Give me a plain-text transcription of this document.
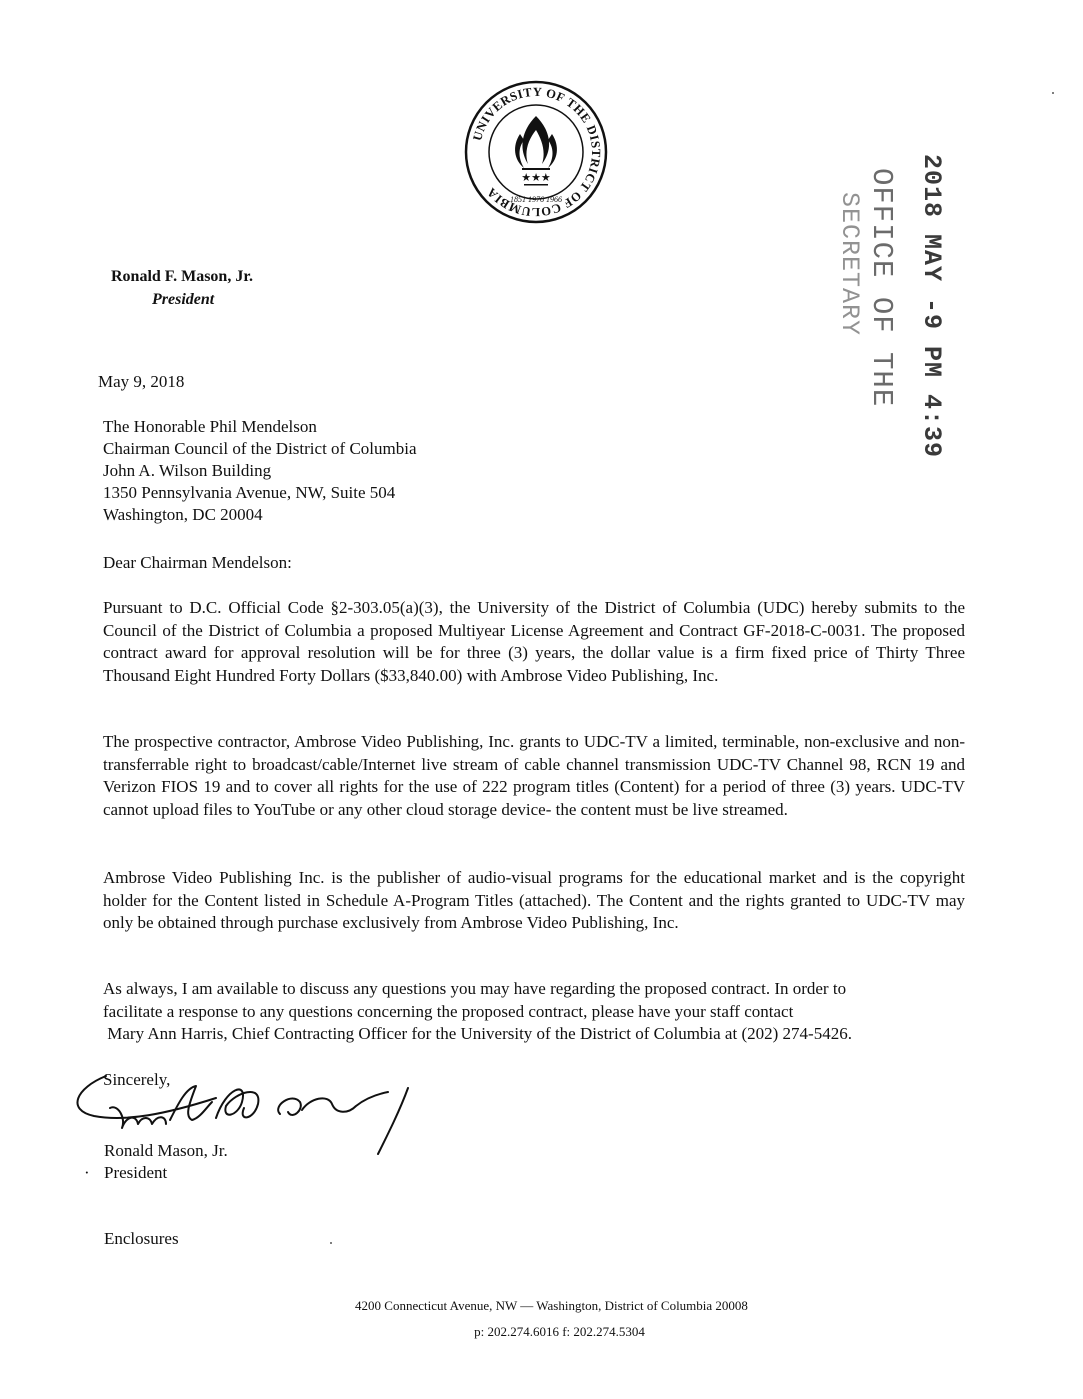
UNIVERSITY OF THE DISTRICT OF COLUMBIA
★★★
1851 1976 1966	2018 MAY -9 PM 4:39
OFFICE OF THE
SECRETARY
Ronald F. Mason, Jr.
President
May 9, 2018
The Honorable Phil Mendelson
Chairman Council of the District of Columbia
John A. Wilson Building
1350 Pennsylvania Avenue, NW, Suite 504
Washington, DC 20004
Dear Chairman Mendelson:
Pursuant to D.C. Official Code §2-303.05(a)(3), the University of the District of Columbia (UDC) hereby submits to the Council of the District of Columbia a proposed Multiyear License Agreement and Contract GF-2018-C-0031. The proposed contract award for approval resolution will be for three (3) years, the dollar value is a firm fixed price of Thirty Three Thousand Eight Hundred Forty Dollars ($33,840.00) with Ambrose Video Publishing, Inc.
The prospective contractor, Ambrose Video Publishing, Inc. grants to UDC-TV a limited, terminable, non-exclusive and non-transferrable right to broadcast/cable/Internet live stream of cable channel transmission UDC-TV Channel 98, RCN 19 and Verizon FIOS 19 and to cover all rights for the use of 222 program titles (Content) for a period of three (3) years. UDC-TV cannot upload files to YouTube or any other cloud storage device- the content must be live streamed.
Ambrose Video Publishing Inc. is the publisher of audio-visual programs for the educational market and is the copyright holder for the Content listed in Schedule A-Program Titles (attached). The Content and the rights granted to UDC-TV may only be obtained through purchase exclusively from Ambrose Video Publishing, Inc.
As always, I am available to discuss any questions you may have regarding the proposed contract. In order to
facilitate a response to any questions concerning the proposed contract, please have your staff contact
Mary Ann Harris, Chief Contracting Officer for the University of the District of Columbia at (202) 274-5426.
Sincerely,
Ronald Mason, Jr.
· President
Enclosures
4200 Connecticut Avenue, NW — Washington, District of Columbia 20008
p: 202.274.6016 f: 202.274.5304
